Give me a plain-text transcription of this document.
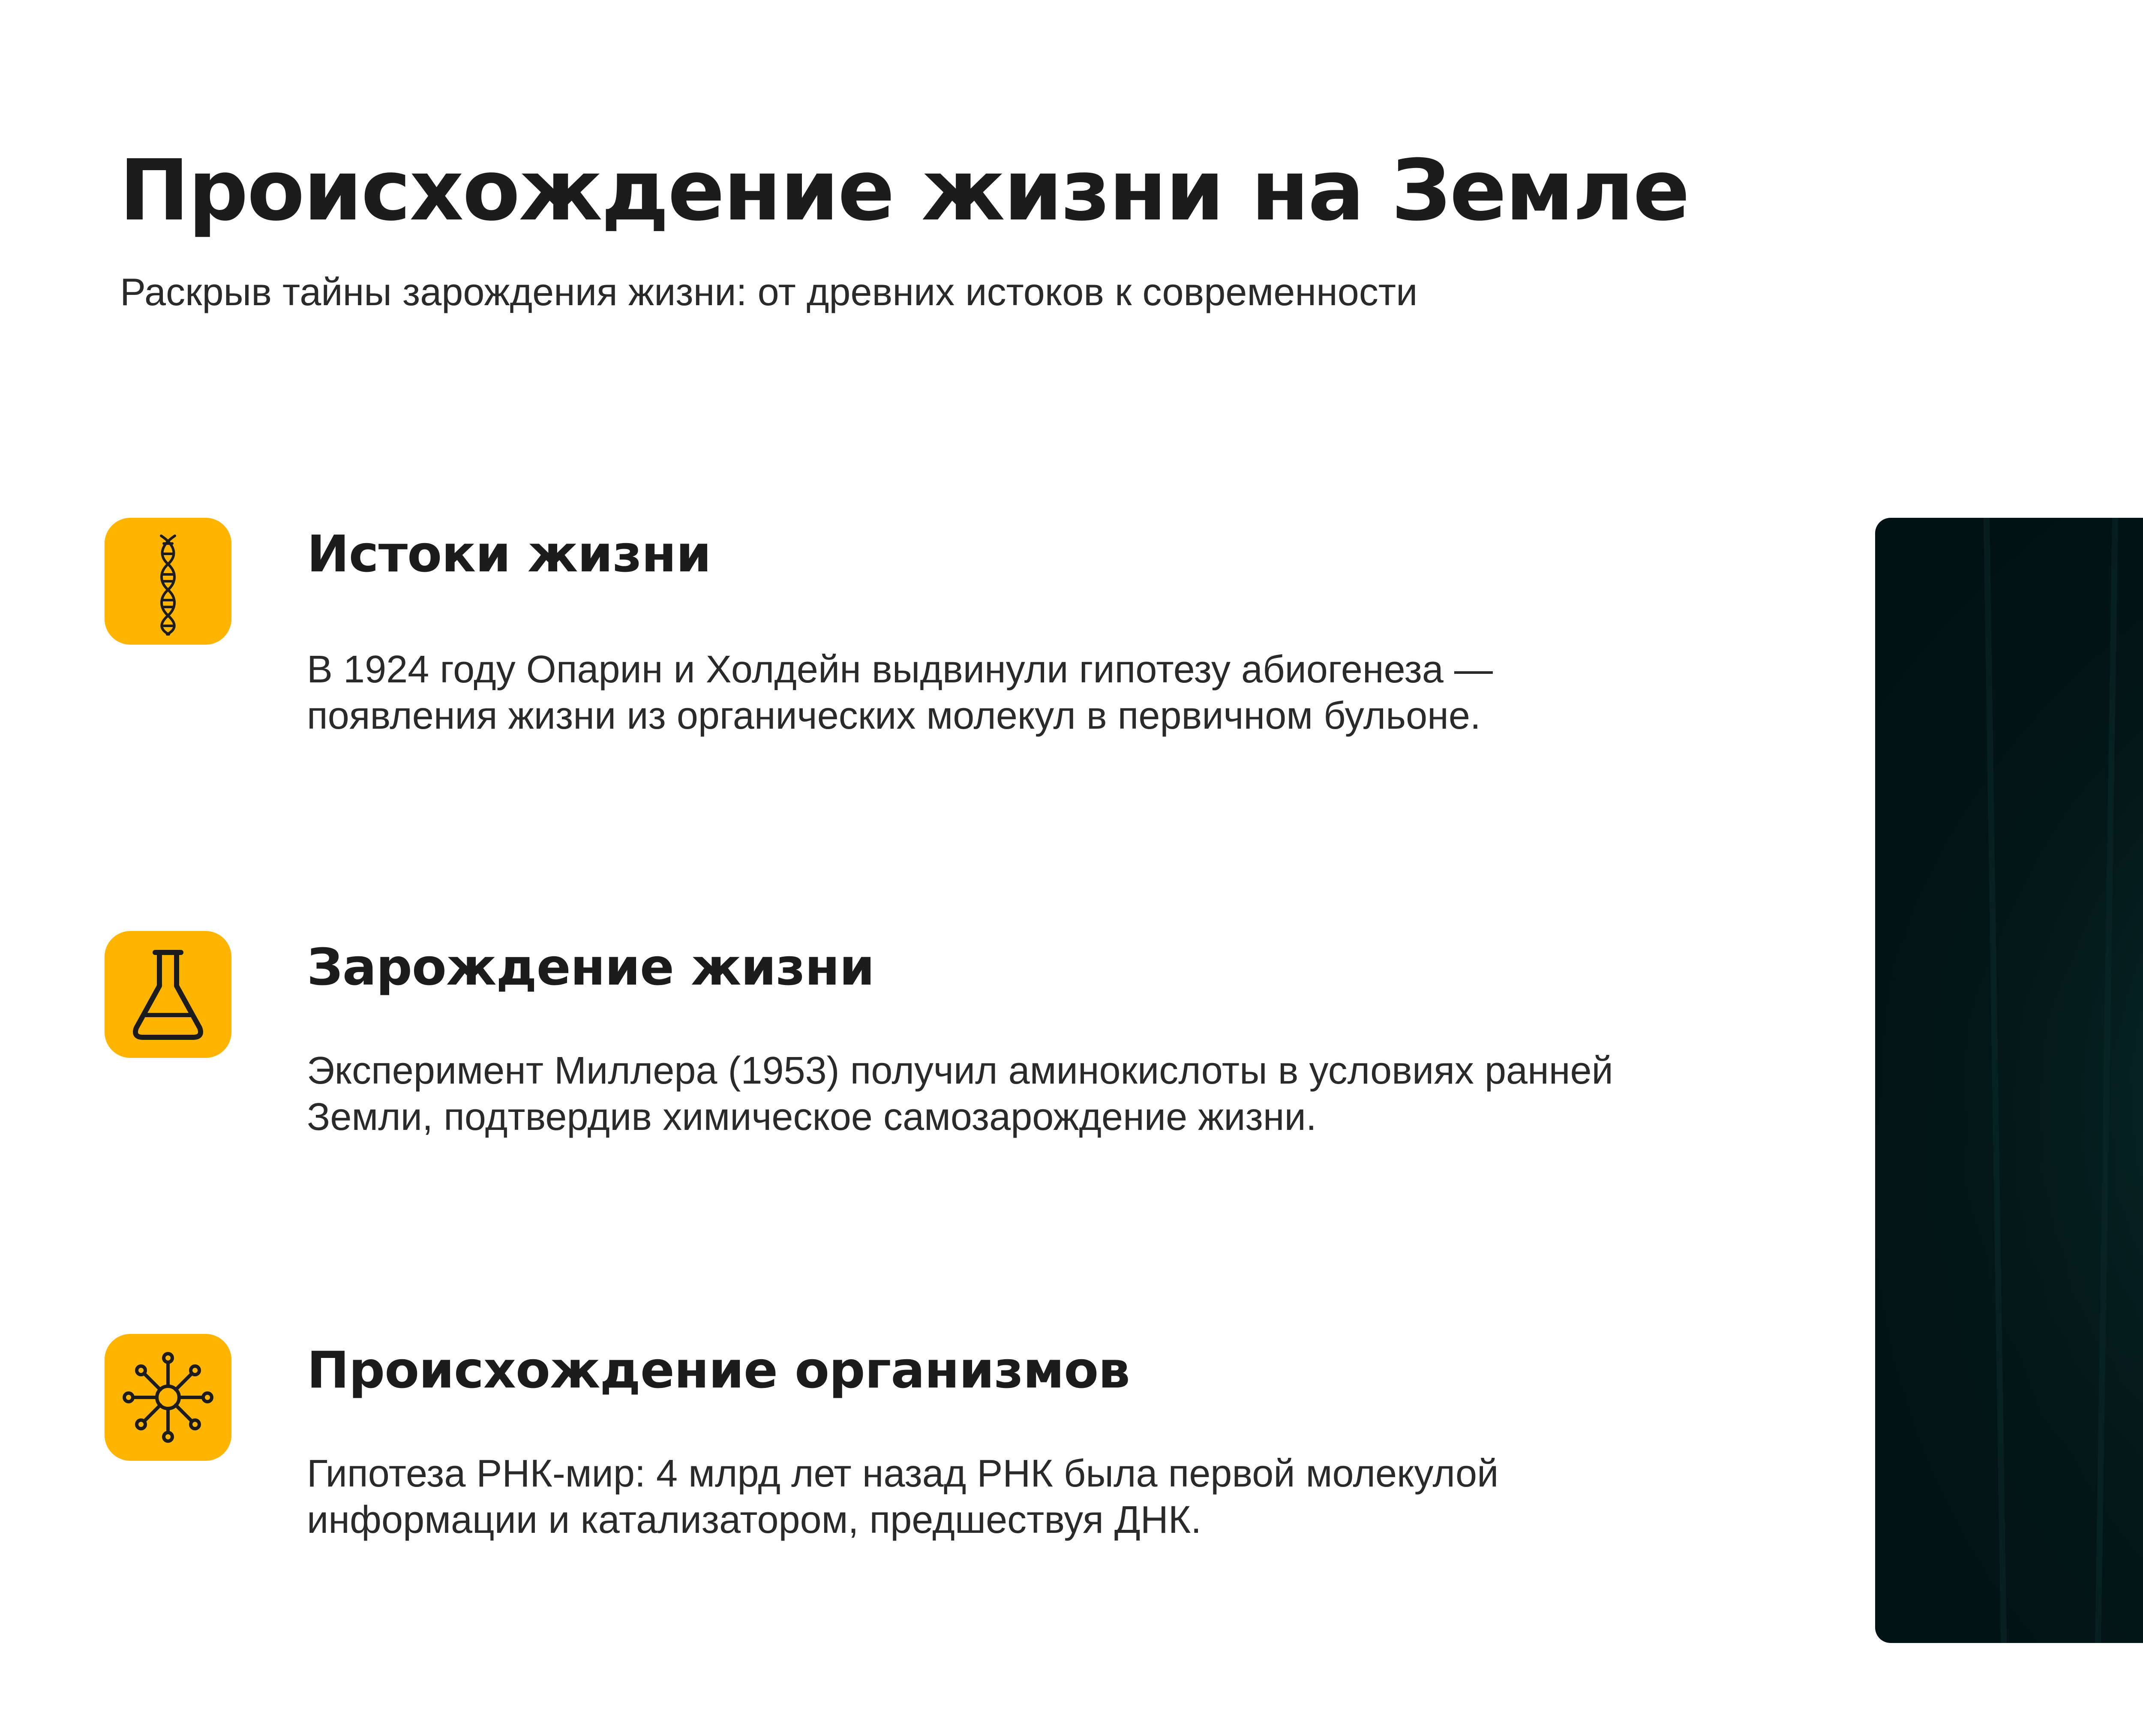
Происхождение жизни на Земле

Раскрыв тайны зарождения жизни: от древних истоков к современности

Истоки жизни

В 1924 году Опарин и Холдейн выдвинули гипотезу абиогенеза —
появления жизни из органических молекул в первичном бульоне.

Зарождение жизни

Эксперимент Миллера (1953) получил аминокислоты в условиях ранней
Земли, подтвердив химическое самозарождение жизни.

Происхождение организмов

Гипотеза РНК-мир: 4 млрд лет назад РНК была первой молекулой
информации и катализатором, предшествуя ДНК.
